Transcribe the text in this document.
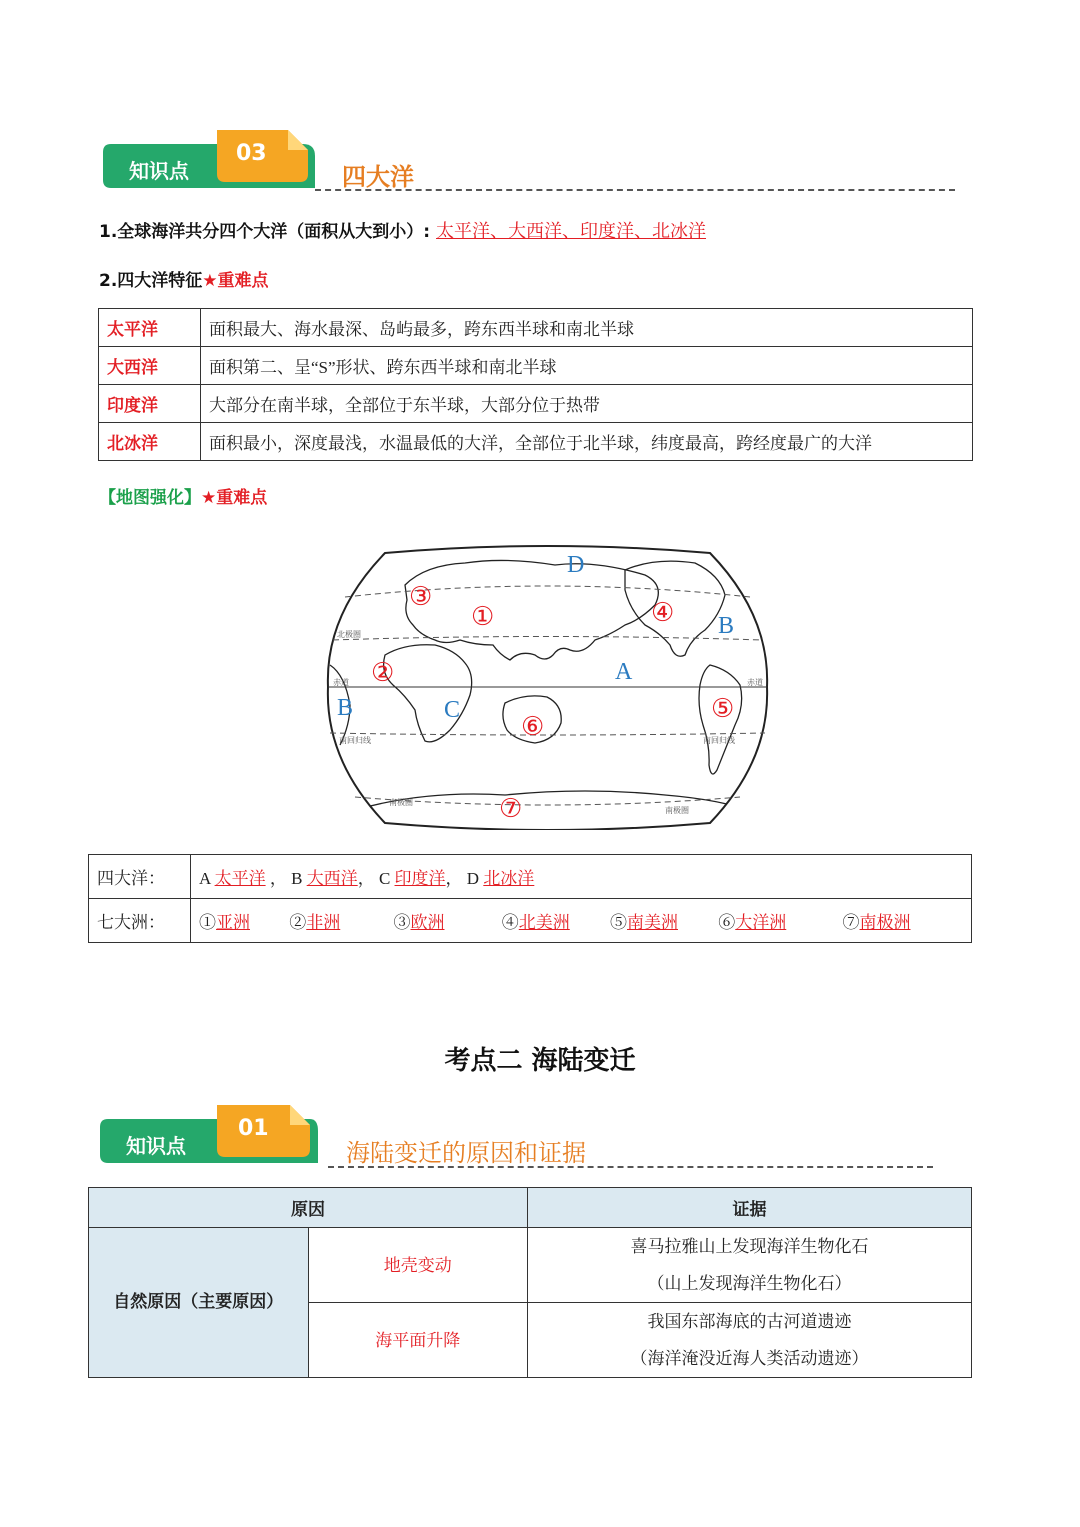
知识点
03
四大洋
1.全球海洋共分四个大洋（面积从大到小）: 太平洋、大西洋、印度洋、北冰洋
2.四大洋特征★重难点
太平洋	面积最大、海水最深、岛屿最多，跨东西半球和南北半球
大西洋	面积第二、呈“S”形状、跨东西半球和南北半球
印度洋	大部分在南半球，全部位于东半球，大部分位于热带
北冰洋	面积最小，深度最浅，水温最低的大洋，全部位于北半球，纬度最高，跨经度最广的大洋
【地图强化】★重难点
北极圈
赤道	赤道
南回归线	南回归线
南极圈
南极圈
A
B
B	C
D
①
②
③
④
⑤
⑥
⑦
四大洋：	A 太平洋 ， B 大西洋， C 印度洋， D 北冰洋
七大洲：	①亚洲 ②非洲 ③欧洲 ④北美洲 ⑤南美洲 ⑥大洋洲 ⑦南极洲
考点二 海陆变迁
知识点
01
海陆变迁的原因和证据
原因		证据
自然原因（主要原因）	地壳变动	喜马拉雅山上发现海洋生物化石
（山上发现海洋生物化石）

	海平面升降	我国东部海底的古河道遗迹
（海洋淹没近海人类活动遗迹）
